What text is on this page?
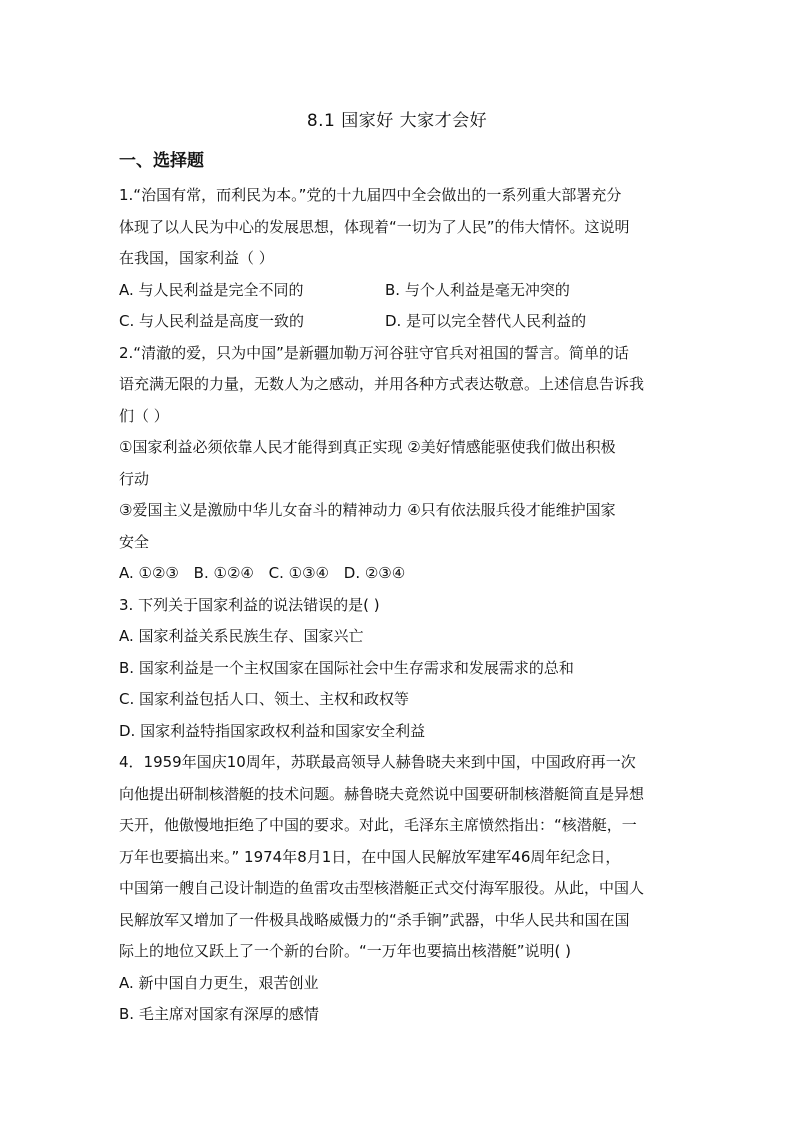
8.1 国家好 大家才会好
一、选择题
1.“治国有常，而利民为本。”党的十九届四中全会做出的一系列重大部署充分
体现了以人民为中心的发展思想，体现着“一切为了人民”的伟大情怀。这说明
在我国，国家利益（ ）
A. 与人民利益是完全不同的	B. 与个人利益是毫无冲突的
C. 与人民利益是高度一致的	D. 是可以完全替代人民利益的
2.“清澈的爱，只为中国”是新疆加勒万河谷驻守官兵对祖国的誓言。简单的话
语充满无限的力量，无数人为之感动，并用各种方式表达敬意。上述信息告诉我
们（ ）
①国家利益必须依靠人民才能得到真正实现 ②美好情感能驱使我们做出积极
行动
③爱国主义是激励中华儿女奋斗的精神动力 ④只有依法服兵役才能维护国家
安全
A. ①②③ B. ①②④ C. ①③④ D. ②③④
3. 下列关于国家利益的说法错误的是( )
A. 国家利益关系民族生存、国家兴亡
B. 国家利益是一个主权国家在国际社会中生存需求和发展需求的总和
C. 国家利益包括人口、领土、主权和政权等
D. 国家利益特指国家政权利益和国家安全利益
4．1959年国庆10周年，苏联最高领导人赫鲁晓夫来到中国，中国政府再一次
向他提出研制核潜艇的技术问题。赫鲁晓夫竟然说中国要研制核潜艇简直是异想
天开，他傲慢地拒绝了中国的要求。对此，毛泽东主席愤然指出：“核潜艇，一
万年也要搞出来。” 1974年8月1日，在中国人民解放军建军46周年纪念日，
中国第一艘自己设计制造的鱼雷攻击型核潜艇正式交付海军服役。从此，中国人
民解放军又增加了一件极具战略威慑力的“杀手锏”武器，中华人民共和国在国
际上的地位又跃上了一个新的台阶。“一万年也要搞出核潜艇”说明( )
A. 新中国自力更生，艰苦创业
B. 毛主席对国家有深厚的感情
